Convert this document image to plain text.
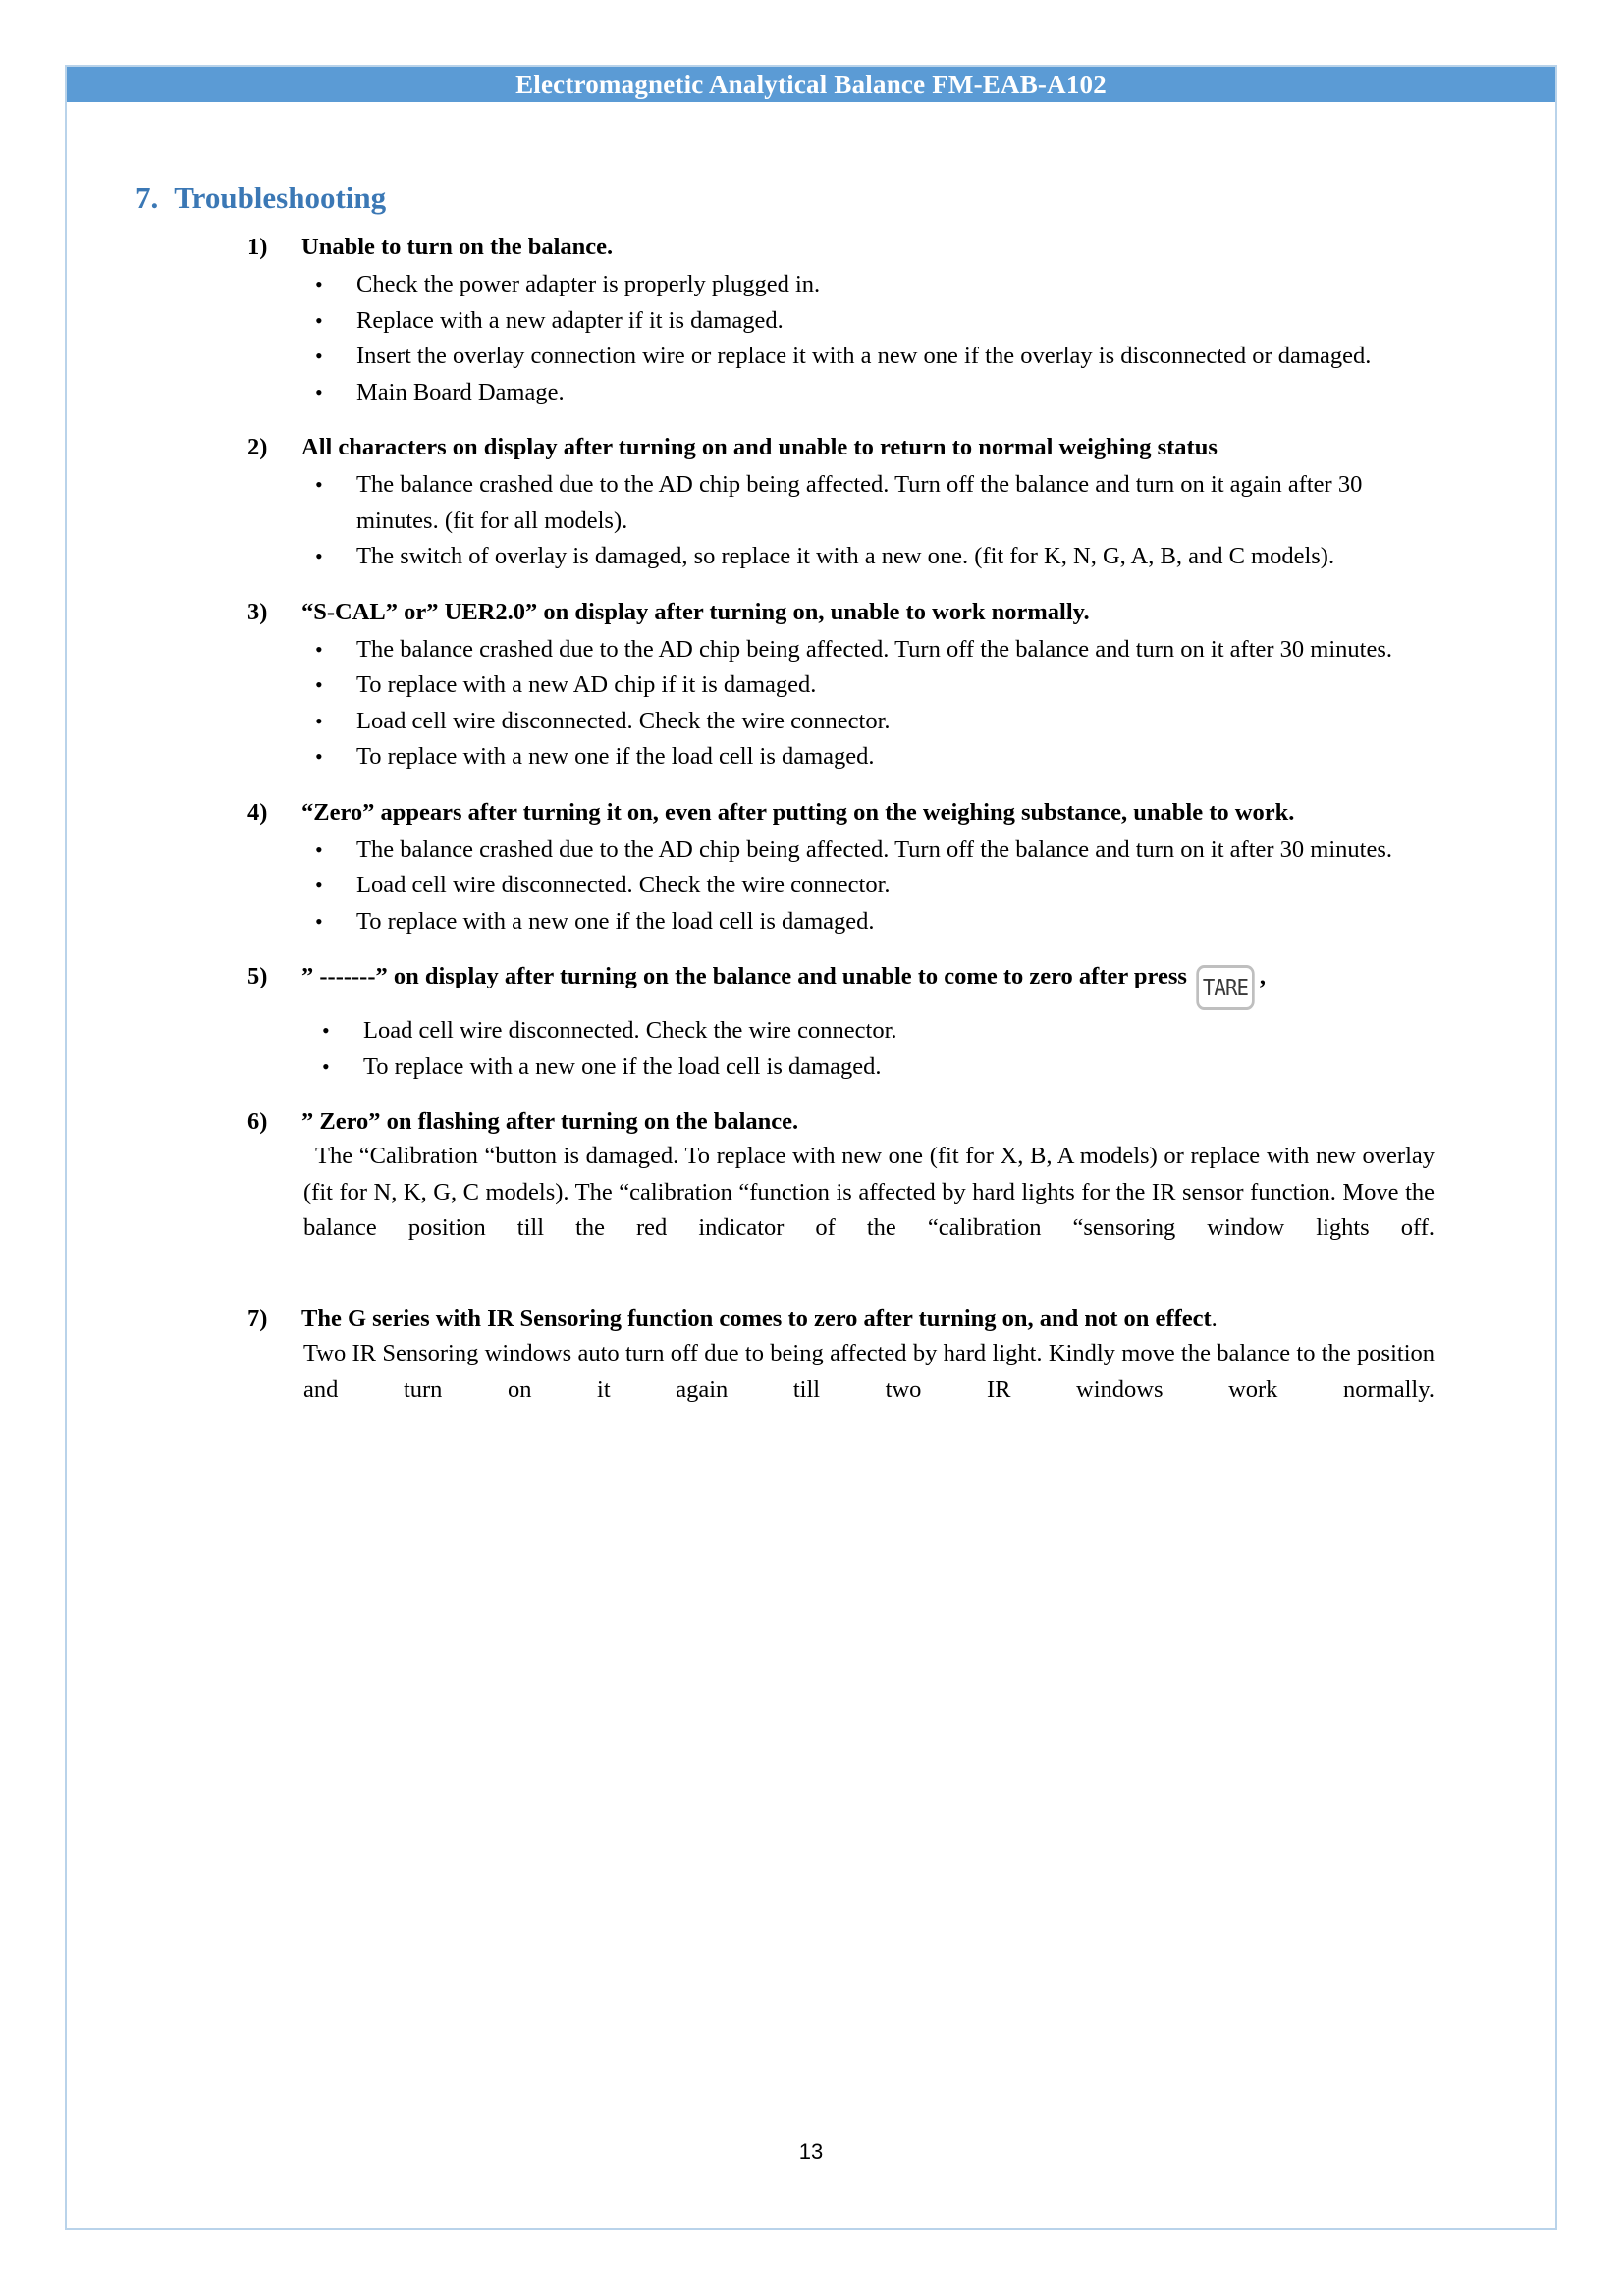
Electromagnetic Analytical Balance FM-EAB-A102
7. Troubleshooting
1)	Unable to turn on the balance.

• Check the power adapter is properly plugged in.
• Replace with a new adapter if it is damaged.
• Insert the overlay connection wire or replace it with a new one if the overlay is disconnected or damaged.
• Main Board Damage.
2)	All characters on display after turning on and unable to return to normal weighing status

• The balance crashed due to the AD chip being affected. Turn off the balance and turn on it again after 30 minutes. (fit for all models).
• The switch of overlay is damaged, so replace it with a new one. (fit for K, N, G, A, B, and C models).
3)	“S-CAL” or” UER2.0” on display after turning on, unable to work normally.

• The balance crashed due to the AD chip being affected. Turn off the balance and turn on it after 30 minutes.
• To replace with a new AD chip if it is damaged.
• Load cell wire disconnected. Check the wire connector.
• To replace with a new one if the load cell is damaged.
4)	“Zero” appears after turning it on, even after putting on the weighing substance, unable to work.

• The balance crashed due to the AD chip being affected. Turn off the balance and turn on it after 30 minutes.
• Load cell wire disconnected. Check the wire connector.
• To replace with a new one if the load cell is damaged.
5)	” -------” on display after turning on the balance and unable to come to zero after press TARE ,

• Load cell wire disconnected. Check the wire connector.
• To replace with a new one if the load cell is damaged.
6)	” Zero” on flashing after turning on the balance.

The “Calibration “button is damaged. To replace with new one (fit for X, B, A models) or replace with new overlay (fit for N, K, G, C models). The “calibration “function is affected by hard lights for the IR sensor function. Move the balance position till the red indicator of the “calibration “sensoring window lights off.

7)	The G series with IR Sensoring function comes to zero after turning on, and not on effect.

Two IR Sensoring windows auto turn off due to being affected by hard light. Kindly move the balance to the position and turn on it again till two IR windows work normally.

13
